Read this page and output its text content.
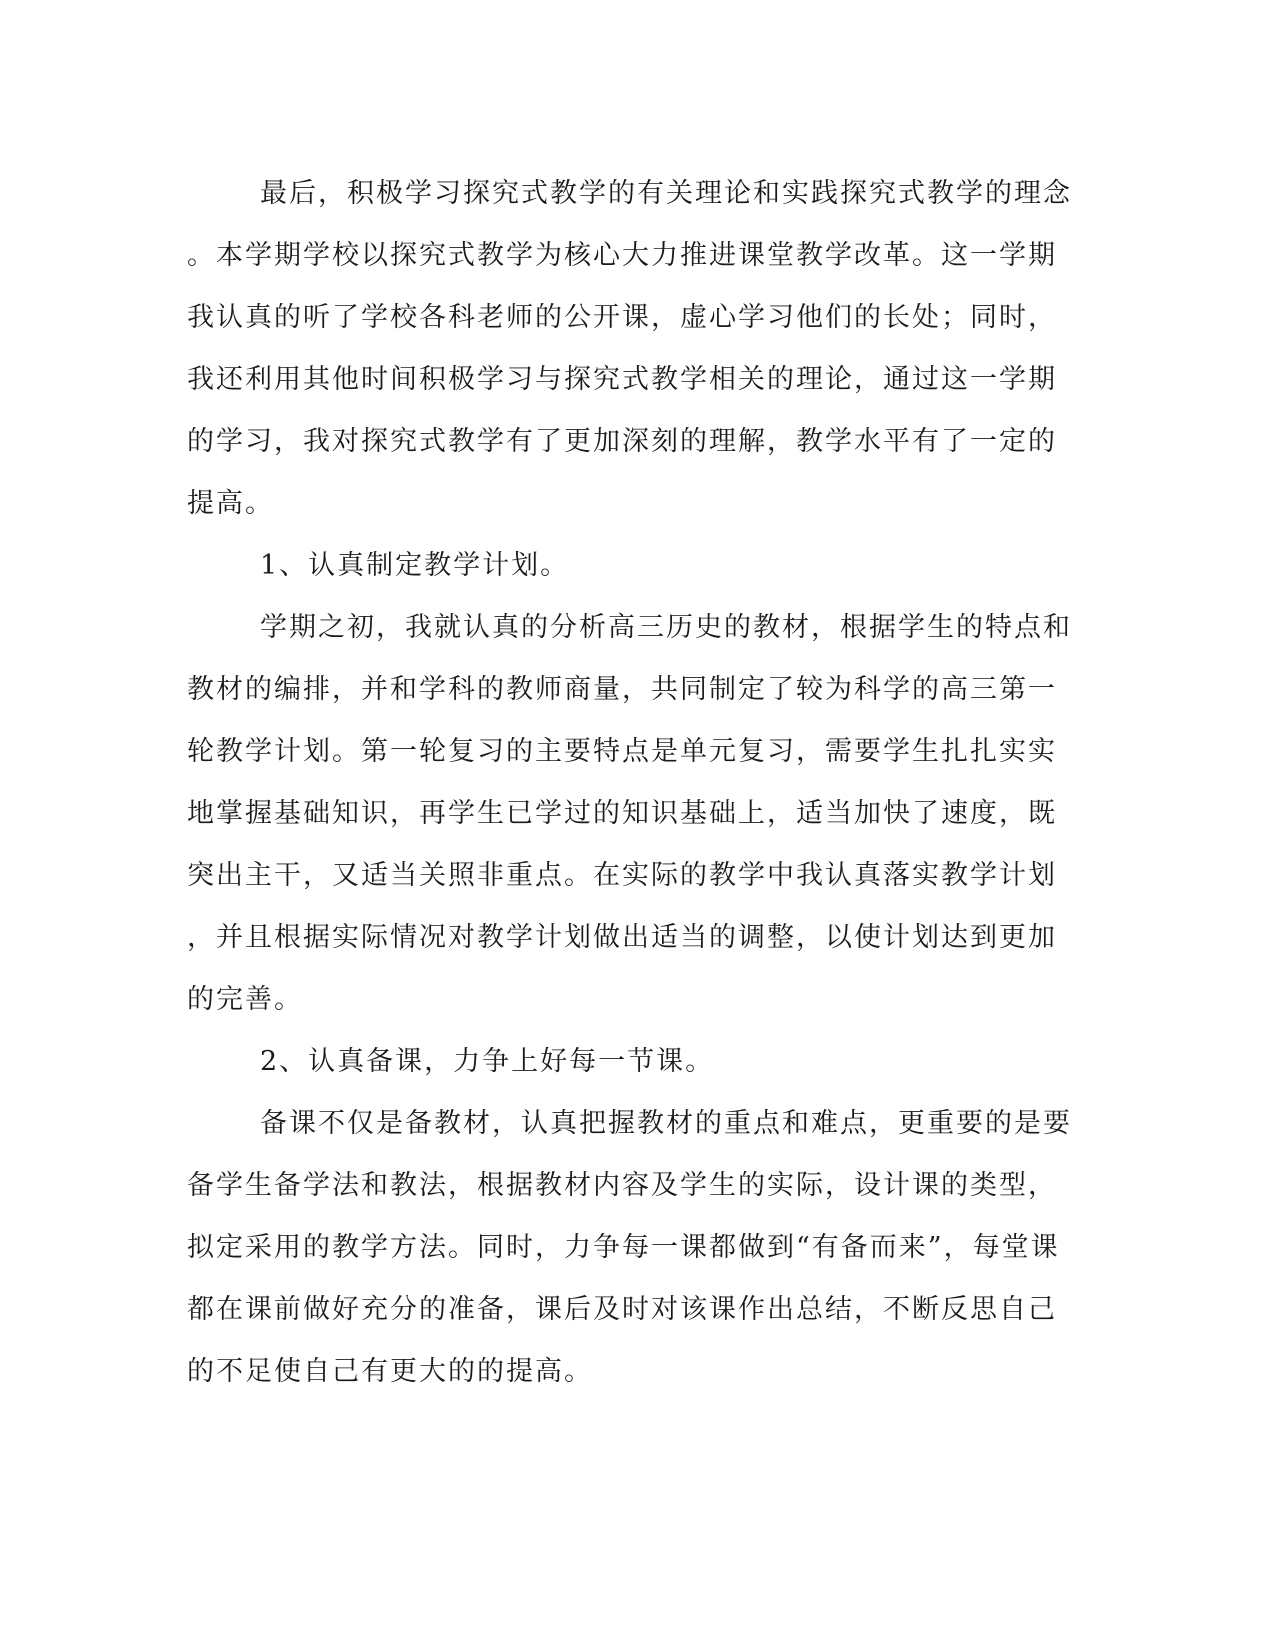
最后，积极学习探究式教学的有关理论和实践探究式教学的理念
。本学期学校以探究式教学为核心大力推进课堂教学改革。这一学期
我认真的听了学校各科老师的公开课，虚心学习他们的长处；同时，
我还利用其他时间积极学习与探究式教学相关的理论，通过这一学期
的学习，我对探究式教学有了更加深刻的理解，教学水平有了一定的
提高。
1、认真制定教学计划。
学期之初，我就认真的分析高三历史的教材，根据学生的特点和
教材的编排，并和学科的教师商量，共同制定了较为科学的高三第一
轮教学计划。第一轮复习的主要特点是单元复习，需要学生扎扎实实
地掌握基础知识，再学生已学过的知识基础上，适当加快了速度，既
突出主干，又适当关照非重点。在实际的教学中我认真落实教学计划
，并且根据实际情况对教学计划做出适当的调整，以使计划达到更加
的完善。
2、认真备课，力争上好每一节课。
备课不仅是备教材，认真把握教材的重点和难点，更重要的是要
备学生备学法和教法，根据教材内容及学生的实际，设计课的类型，
拟定采用的教学方法。同时，力争每一课都做到“有备而来”，每堂课
都在课前做好充分的准备，课后及时对该课作出总结，不断反思自己
的不足使自己有更大的的提高。
